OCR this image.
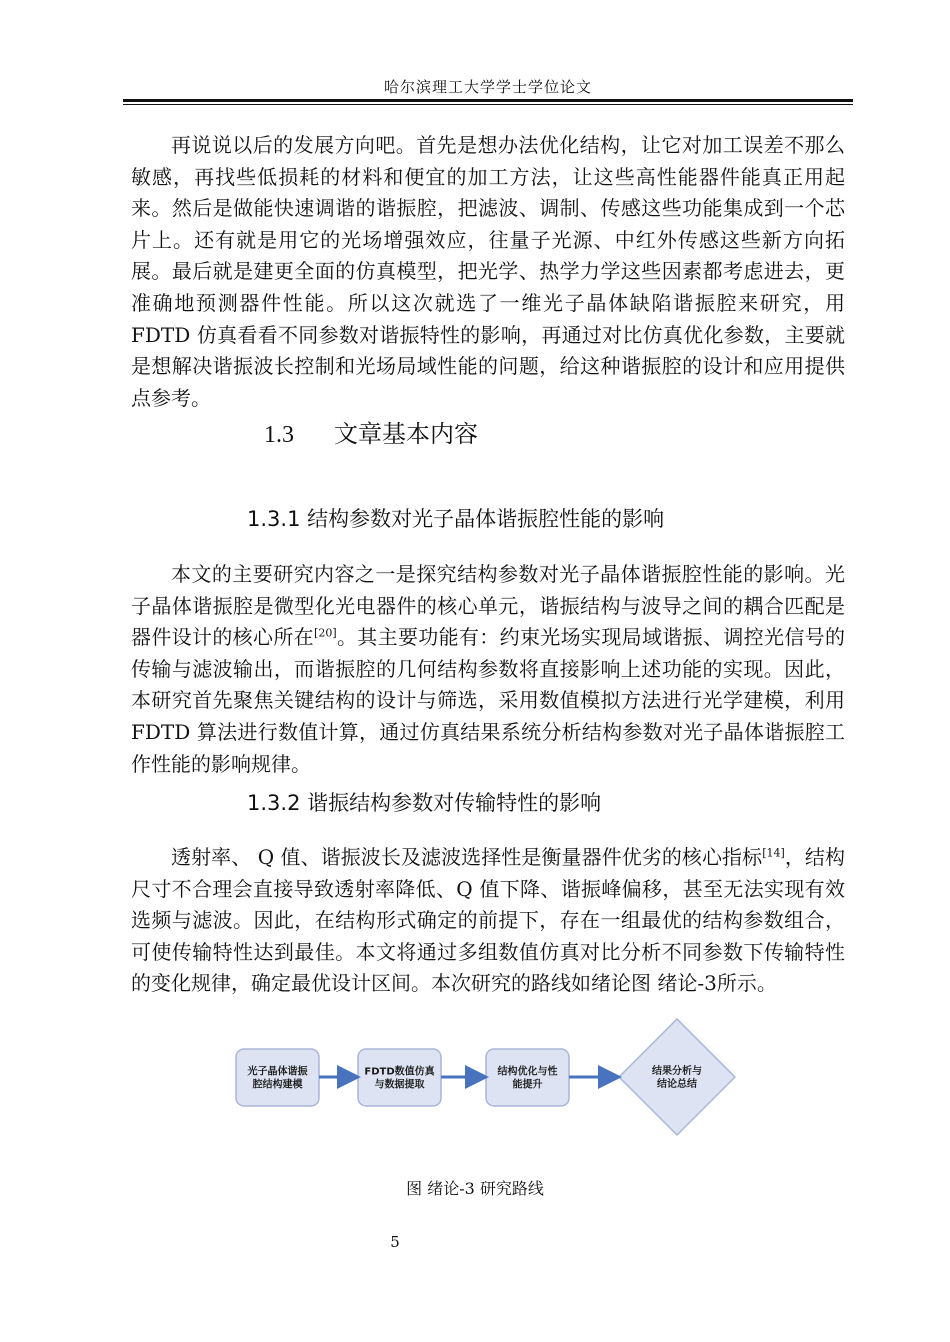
哈尔滨理工大学学士学位论文

再说说以后的发展方向吧。首先是想办法优化结构，让它对加工误差不那么敏感，再找些低损耗的材料和便宜的加工方法，让这些高性能器件能真正用起来。然后是做能快速调谐的谐振腔，把滤波、调制、传感这些功能集成到一个芯片上。还有就是用它的光场增强效应，往量子光源、中红外传感这些新方向拓展。最后就是建更全面的仿真模型，把光学、热学力学这些因素都考虑进去，更准确地预测器件性能。所以这次就选了一维光子晶体缺陷谐振腔来研究，用 FDTD 仿真看看不同参数对谐振特性的影响，再通过对比仿真优化参数，主要就是想解决谐振波长控制和光场局域性能的问题，给这种谐振腔的设计和应用提供点参考。

1.3 文章基本内容
1.3.1 结构参数对光子晶体谐振腔性能的影响

本文的主要研究内容之一是探究结构参数对光子晶体谐振腔性能的影响。光子晶体谐振腔是微型化光电器件的核心单元，谐振结构与波导之间的耦合匹配是器件设计的核心所在[20]。其主要功能有：约束光场实现局域谐振、调控光信号的传输与滤波输出，而谐振腔的几何结构参数将直接影响上述功能的实现。因此，本研究首先聚焦关键结构的设计与筛选，采用数值模拟方法进行光学建模，利用 FDTD 算法进行数值计算，通过仿真结果系统分析结构参数对光子晶体谐振腔工作性能的影响规律。

1.3.2 谐振结构参数对传输特性的影响

透射率、 Q 值、谐振波长及滤波选择性是衡量器件优劣的核心指标[14]，结构尺寸不合理会直接导致透射率降低、Q 值下降、谐振峰偏移，甚至无法实现有效选频与滤波。因此，在结构形式确定的前提下，存在一组最优的结构参数组合，可使传输特性达到最佳。本文将通过多组数值仿真对比分析不同参数下传输特性的变化规律，确定最优设计区间。本次研究的路线如绪论图 绪论-3所示。

光子晶体谐振
腔结构建模
FDTD数值仿真
与数据提取
结构优化与性
能提升
结果分析与
结论总结
图 绪论-3 研究路线
5
